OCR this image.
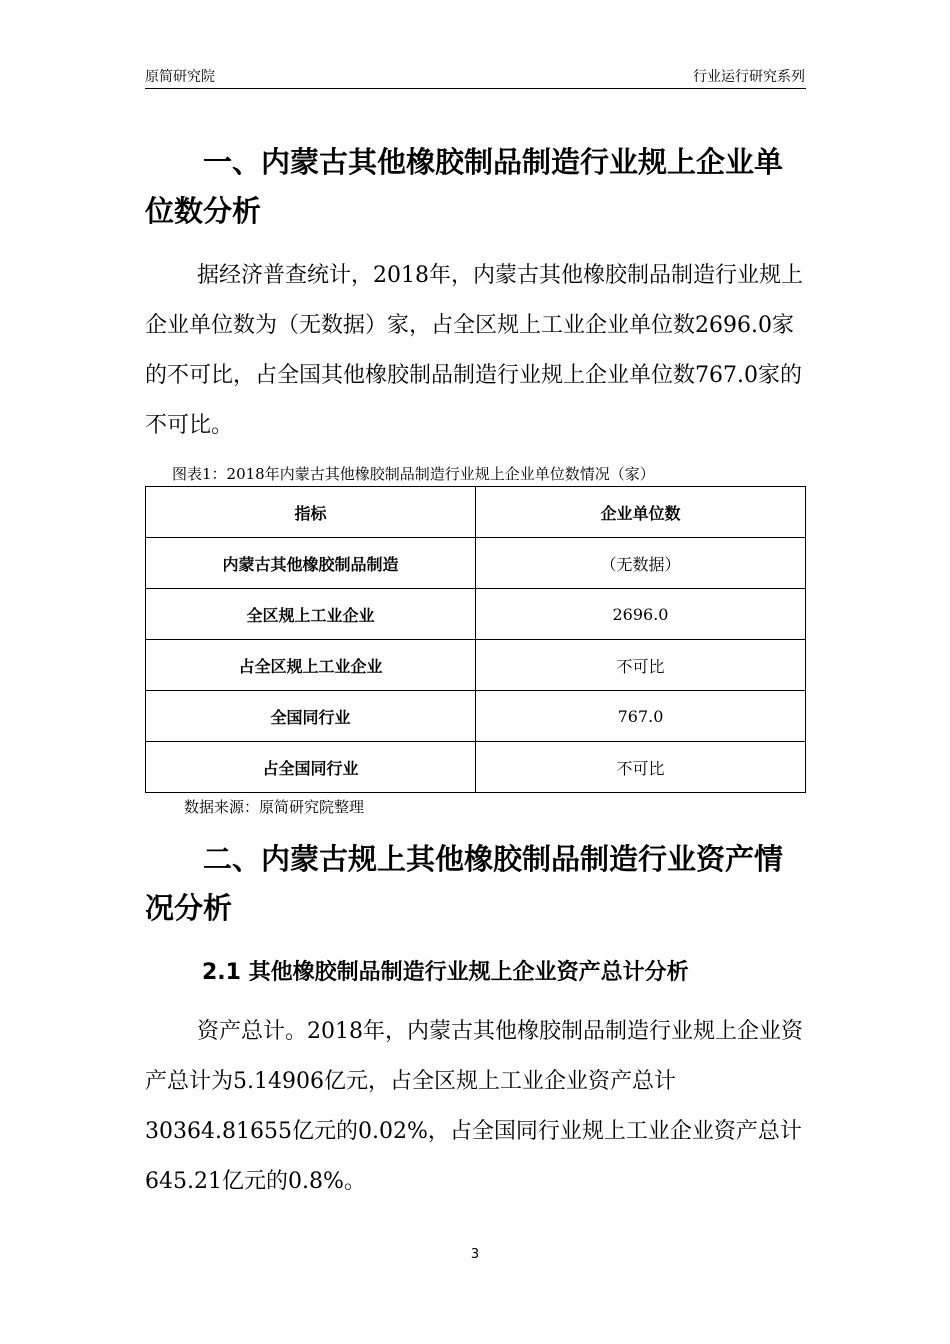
原简研究院	行业运行研究系列
一、内蒙古其他橡胶制品制造行业规上企业单位数分析

据经济普查统计，2018年，内蒙古其他橡胶制品制造行业规上企业单位数为（无数据）家，占全区规上工业企业单位数2696.0家的不可比，占全国其他橡胶制品制造行业规上企业单位数767.0家的不可比。

图表1：2018年内蒙古其他橡胶制品制造行业规上企业单位数情况（家）
指标	企业单位数
内蒙古其他橡胶制品制造	（无数据）
全区规上工业企业	2696.0
占全区规上工业企业	不可比
全国同行业	767.0
占全国同行业	不可比
数据来源：原简研究院整理
二、内蒙古规上其他橡胶制品制造行业资产情况分析
2.1 其他橡胶制品制造行业规上企业资产总计分析

资产总计。2018年，内蒙古其他橡胶制品制造行业规上企业资产总计为5.14906亿元，占全区规上工业企业资产总计30364.81655亿元的0.02%，占全国同行业规上工业企业资产总计645.21亿元的0.8%。

3
